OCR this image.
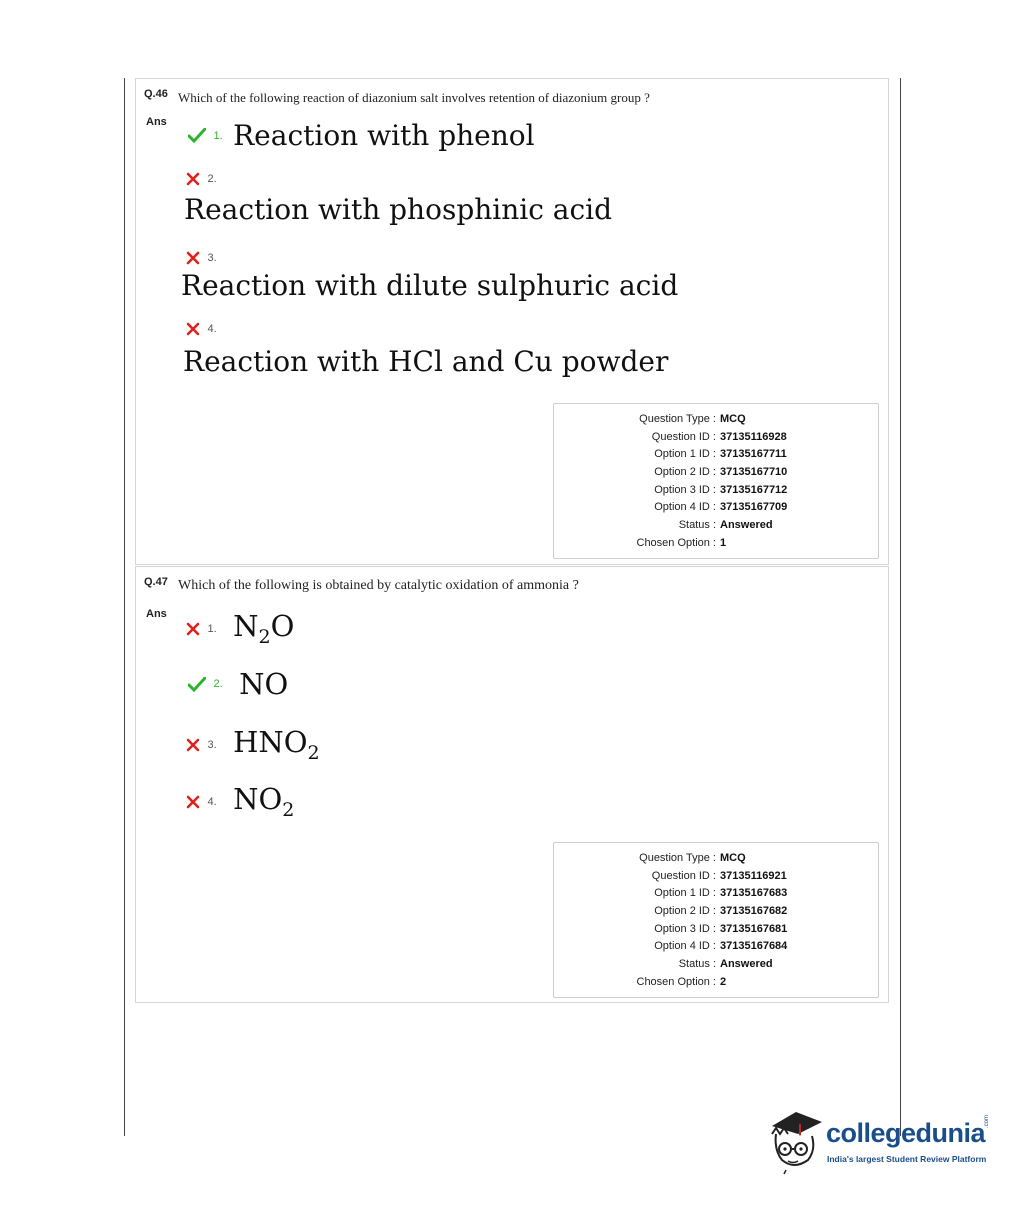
Q.46
Ans
Which of the following reaction of diazonium salt involves retention of diazonium group ?
1. Reaction with phenol
2.
Reaction with phosphinic acid
3.
Reaction with dilute sulphuric acid
4.
Reaction with HCl and Cu powder
Question Type : MCQ
Question ID : 37135116928
Option 1 ID : 37135167711
Option 2 ID : 37135167710
Option 3 ID : 37135167712
Option 4 ID : 37135167709
Status : Answered
Chosen Option : 1
Q.47
Ans
Which of the following is obtained by catalytic oxidation of ammonia ?
1. $N_2O$
2. NO
3. $HNO_2$
4. $NO_2$
Question Type : MCQ
Question ID : 37135116921
Option 1 ID : 37135167683
Option 2 ID : 37135167682
Option 3 ID : 37135167681
Option 4 ID : 37135167684
Status : Answered
Chosen Option : 2
collegedunia
.com
India's largest Student Review Platform
